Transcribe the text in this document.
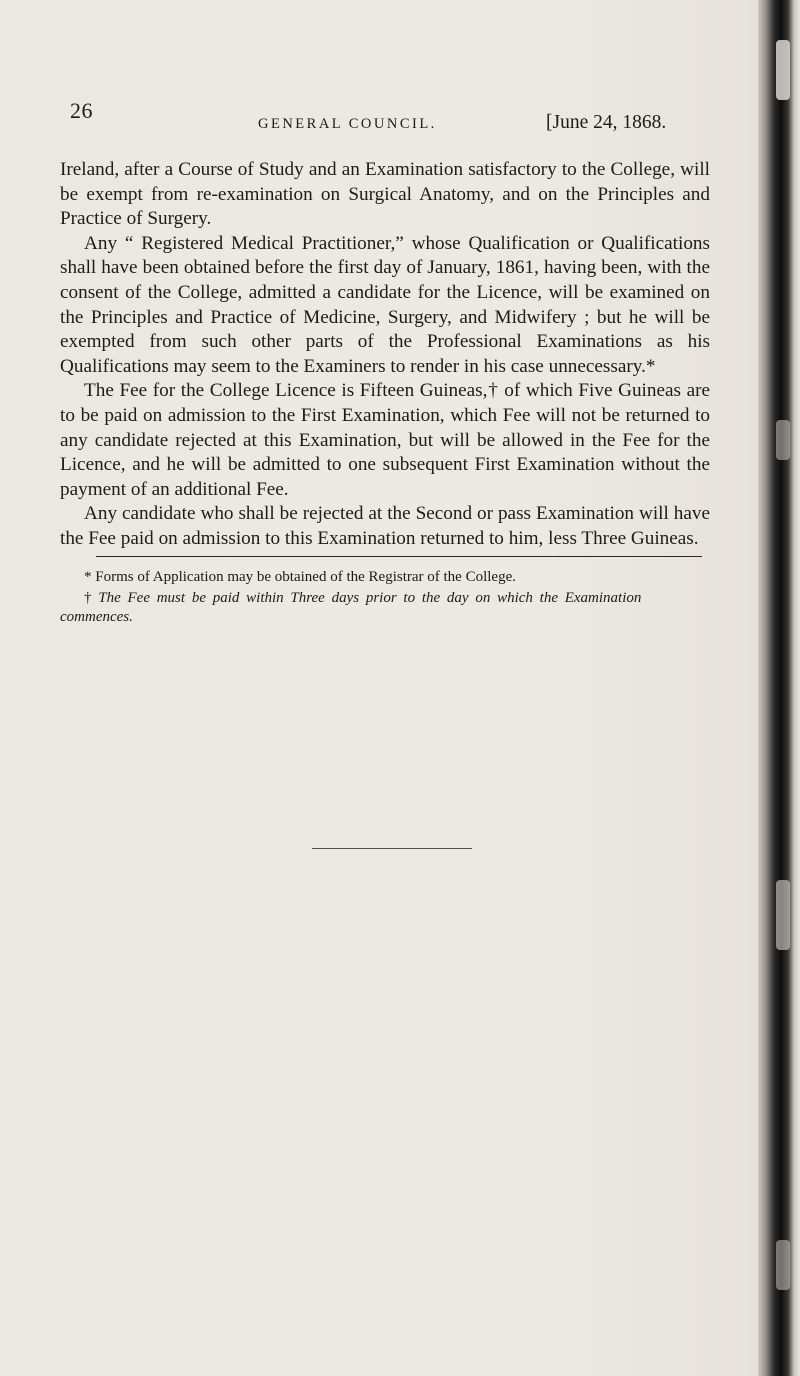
26
GENERAL COUNCIL.	[June 24, 1868.

Ireland, after a Course of Study and an Examination satisfactory to the College, will be exempt from re-examination on Surgical Anatomy, and on the Principles and Practice of Surgery.

Any “ Registered Medical Practitioner,” whose Qualification or Qualifications shall have been obtained before the first day of January, 1861, having been, with the consent of the College, admitted a candidate for the Licence, will be examined on the Principles and Practice of Medicine, Surgery, and Midwifery ; but he will be exempted from such other parts of the Professional Examinations as his Qualifications may seem to the Examiners to render in his case unnecessary.*

The Fee for the College Licence is Fifteen Guineas,† of which Five Guineas are to be paid on admission to the First Examination, which Fee will not be returned to any candidate rejected at this Examination, but will be allowed in the Fee for the Licence, and he will be admitted to one subsequent First Examination without the payment of an additional Fee.

Any candidate who shall be rejected at the Second or pass Examination will have the Fee paid on admission to this Examination returned to him, less Three Guineas.

* Forms of Application may be obtained of the Registrar of the College.

† The Fee must be paid within Three days prior to the day on which the Examination commences.
